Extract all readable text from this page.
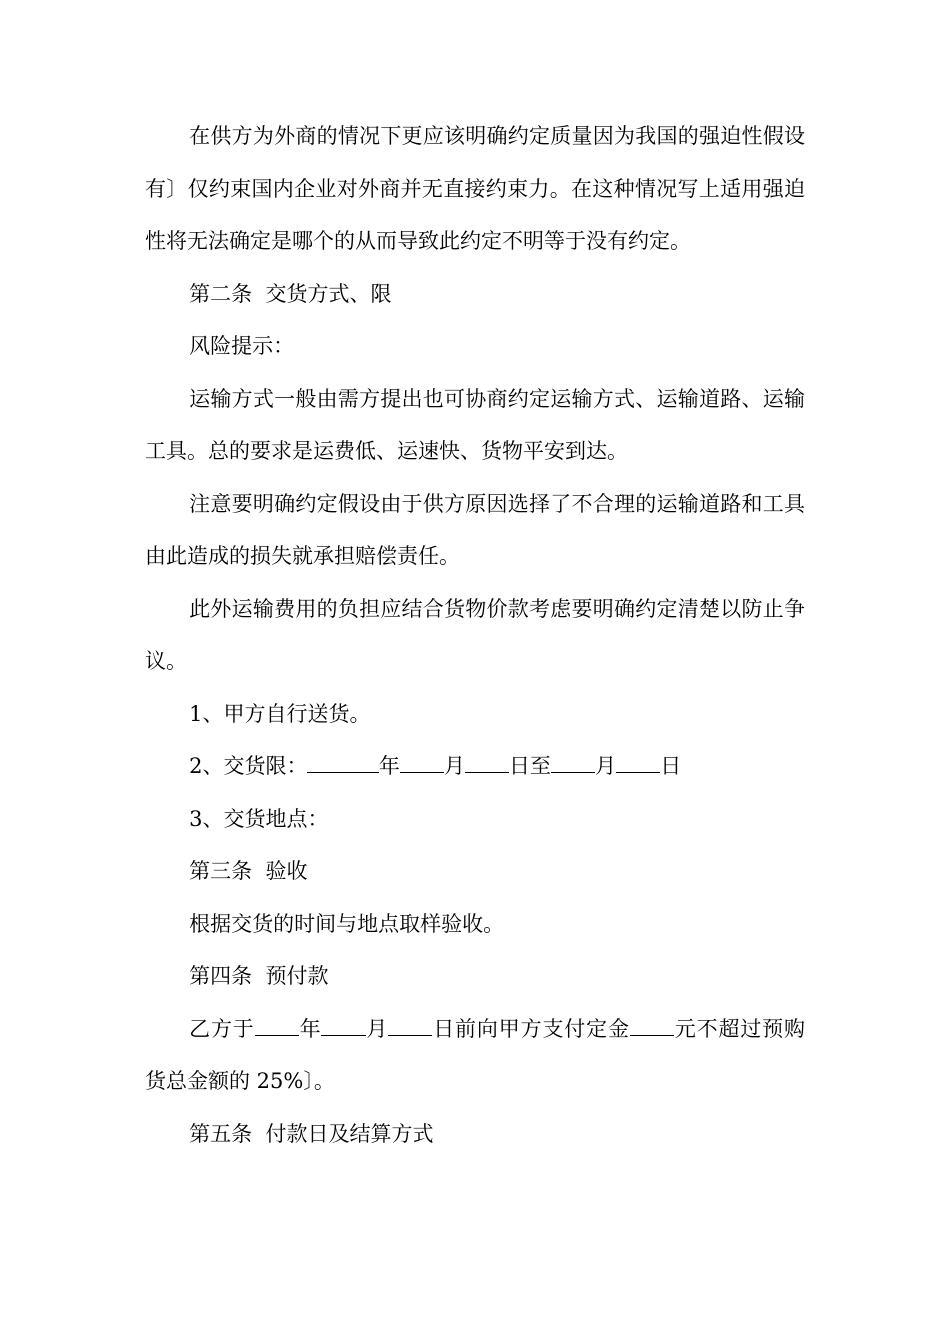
在供方为外商的情况下更应该明确约定质量因为我国的强迫性假设有〕仅约束国内企业对外商并无直接约束力。在这种情况写上适用强迫性将无法确定是哪个的从而导致此约定不明等于没有约定。

第二条  交货方式、限

风险提示：

运输方式一般由需方提出也可协商约定运输方式、运输道路、运输工具。总的要求是运费低、运速快、货物平安到达。

注意要明确约定假设由于供方原因选择了不合理的运输道路和工具由此造成的损失就承担赔偿责任。

此外运输费用的负担应结合货物价款考虑要明确约定清楚以防止争议。

1、甲方自行送货。

2、交货限：	年 月 日至 月 日

3、交货地点：

第三条  验收

根据交货的时间与地点取样验收。

第四条  预付款

乙方于 年 月 日前向甲方支付定金 元不超过预购货总金额的 25%〕。

第五条  付款日及结算方式
